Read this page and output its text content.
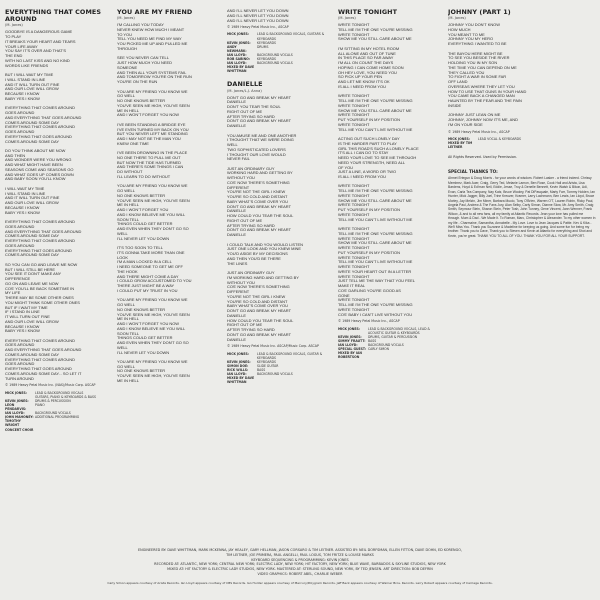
EVERYTHING THAT COMES AROUND
(M. Jones)
GOODBYE IS A DANGEROUS GAME
TO PLAY
IT BREAKS YOUR HEART AND TEARS
YOUR LIFE AWAY
YOU SAY IT'S OVER AND THAT'S
THE END
WITH NO LAST KISS AND NO KIND
WORDS LIKE FRIENDS
BUT I WILL WAIT MY TIME
I WILL STAND IN LINE
AND IT WILL TURN OUT FINE
AND OUR LOVE WILL GROW
BECAUSE I KNOW
BABY YES I KNOW
EVERYTHING THAT COMES AROUND
GOES AROUND
AND EVERYTHING THAT GOES AROUND
COMES AROUND SOME DAY
EVERYTHING THAT COMES AROUND
GOES AROUND
EVERYTHING THAT GOES AROUND
COMES AROUND SOME DAY
DO YOU THINK ABOUT ME NOW
AND THEN
AND WONDER WERE YOU WRONG
AND WHAT MIGHT HAVE BEEN
SEASONS COME AND SEASONS GO
AND WHAT GOES UP COMES DOWN
AND BABY SOON YOU'LL KNOW
I WILL WAIT MY TIME
I WILL STAND IN LINE
AND IT WILL TURN OUT FINE
AND OUR LOVE WILL GROW
BECAUSE I KNOW
BABY YES I KNOW
EVERYTHING THAT COMES AROUND
GOES AROUND
AND EVERYTHING THAT GOES AROUND
COMES AROUND SOME DAY
EVERYTHING THAT COMES AROUND
GOES AROUND
EVERYTHING THAT GOES AROUND
COMES AROUND SOME DAY
SO YOU CAN GO AND LEAVE ME NOW
BUT I WILL STILL BE HERE
YOU SEE IT DON'T MAKE ANY
DIFFERENCE
GO ON AND LEAVE ME NOW
COS' YOU'LL BE BACK SOMETIME IN
MY LIFE
THERE MAY BE SOME OTHER ONES
YOU MIGHT THINK SOME OTHER ONES
BUT IF I WAIT MY TIME
IF I STAND IN LINE
IT WILL TURN OUT FINE
AND OUR LOVE WILL GROW
BECAUSE I KNOW
BABY YES I KNOW
EVERYTHING THAT COMES AROUND
GOES AROUND
AND EVERYTHING THAT GOES AROUND
COMES AROUND SOME DAY
EVERYTHING THAT COMES AROUND
GOES AROUND
EVERYTHING THAT GOES AROUND
COMES AROUND SOME DAY... SO LET IT
TURN AROUND
© 1989 Heavy Petal Music Inc. (NAS)/Music Corp. ASCAP
MICK JONES:	LEAD & BACKGROUND VOCALS
GUITARS, PIANO & KEYBOARDS & BASS
KEVIN JONES:	DRUMS & PERCUSSION
LEON PENDARVIS:
PIANO
IAN LLOYD:	BACKGROUND VOCALS
JOHN MAHONEY: ADDITIONAL PROGRAMMING
TIMOTHY WRIGHT CONCERT CHOIR
YOU ARE MY FRIEND
(M. Jones)
I'M CALLING YOU TODAY
NEVER KNEW HOW MUCH I MEANT
TO YOU
TELL YOU NEED ME FIND MY WAY
YOU PICKED ME UP AND PULLED ME
THROUGH
SEE YOU NEVER CAN TELL
JUST HOW MUCH YOU NEED
SOMEONE
AND THEN ALL YOUR SYSTEMS FAIL
AND TOMORROW YOU'RE ON THE RUN
YOU'RE ON THE RUN
YOU ARE MY FRIEND YOU KNOW WE
GO WELL
NO ONE KNOWS BETTER
YOU'VE SEEN ME HIGH, YOU'VE SEEN
ME IN HELL
AND I WON'T FORGET YOU NOW
I'VE BEEN STANDING A BRIDGE EYE
I'VE EVEN TURNED MY BACK ON YOU
BUT YOU NEVER LEFT ME STANDING
AND I MAY NOT BE THE MAN YOU
KNEW ONE TIME
I'VE BEEN DROWNING IN THE PLACE
NO ONE THERE TO PULL ME OUT
BUT NOW THE TIDE HAS TURNED
AND THERE'S SOME THINGS I CAN
DO WITHOUT
I'LL LEARN TO DO WITHOUT
YOU ARE MY FRIEND YOU KNOW WE
GO WELL
NO ONE KNOWS BETTER
YOU'VE SEEN ME HIGH, YOU'VE SEEN
ME IN HELL
AND I WON'T FORGET YOU
AND I KNOW BELIEVE ME YOU WILL
SOON TELL
THINGS COULD GET BETTER
AND EVEN WHEN THEY DON'T GO SO
WELL
I'LL NEVER LET YOU DOWN
IT'S TOO SOON TO TELL
IT'S GONNA TAKE MORE THAN ONE
LOOK
I'M A MAN LOCKED IN A CELL
I NEED SOMEONE TO GET ME OFF
THE HOOK
AND THERE MIGHT COME A DAY
I COULD GROW ACCUSTOMED TO YOU
THERE JUST MIGHT BE A WAY
I COULD PUT MY TRUST IN YOU
YOU ARE MY FRIEND YOU KNOW WE
GO WELL
NO ONE KNOWS BETTER
YOU'VE SEEN ME HIGH, YOU'VE SEEN
ME IN HELL
AND I WON'T FORGET YOU NOW
AND I KNOW BELIEVE ME YOU WILL
SOON TELL
THINGS COULD GET BETTER
AND EVEN WHEN THEY DON'T GO SO
WELL
I'LL NEVER LET YOU DOWN
YOU ARE MY FRIEND YOU KNOW WE
GO WELL
NO ONE KNOWS BETTER
YOU'VE SEEN ME HIGH, YOU'VE SEEN
ME IN HELL
AND I'LL NEVER LET YOU DOWN
AND I'LL NEVER LET YOU DOWN
AND I'LL NEVER LET YOU DOWN
© 1989 Heavy Petal Music Inc., ASCAP
MICK JONES:	LEAD & BACKGROUND VOCALS, GUITARS & KEYBOARDS
KEVIN JONES:	KEYBOARDS
ANDY NEWMARK:
DRUMS
IAN LLOYD:	BACKGROUND VOCALS
ROB SABINO:	KEYBOARDS
IAN LLOYD:	BACKGROUND VOCALS
MIXED BY DAVE WHITTMAN
DANIELLE
(M. Jones/L.J. Anna)
DON'T GO AND BREAK MY HEART
DANIELLE
DON'T YOU TEAR THE SOUL
RIGHT OUT OF ME
AFTER TRYING SO HARD
DON'T GO AND BREAK MY HEART
DANIELLE
YOU AMUSE ME AND ONE ANOTHER
I THOUGHT THAT WE WERE DOING
WELL
TWO SOPHISTICATED LOVERS
I THOUGHT OUR LOVE WOULD
NEVER FAIL
JUST AN ORDINARY GUY
WORKING HARD AND GETTING BY
WITHOUT YOU
COS' NOW THERE'S SOMETHING
DIFFERENT
YOU'RE NOT THE GIRL I KNEW
YOU'RE SO COLD AND DISTANT
BABY WHAT'S COME OVER YOU
DON'T GO AND BREAK MY HEART
DANIELLE
HOW COULD YOU TEAR THE SOUL
RIGHT OUT OF ME
AFTER TRYING SO HARD
DON'T GO AND BREAK MY HEART
DANIELLE
I COULD TALK AND YOU WOULD LISTEN
JUST ONE LOOK AND YOU KNEW MINE
YOU'D ASIDE BY MY DECISIONS
AND THEN YOU'D BE THERE
THE LINES
JUST AN ORDINARY GUY
I'M WORKING HARD AND GETTING BY
WITHOUT YOU
COS' NOW THERE'S SOMETHING
DIFFERENT
YOU'RE NOT THE GIRL I KNEW
YOU'RE SO COLD AND DISTANT
BABY WHAT'S COME OVER YOU
DON'T GO AND BREAK MY HEART
DANIELLE
HOW COULD YOU TEAR THE SOUL
RIGHT OUT OF ME
AFTER TRYING SO HARD
DON'T GO AND BREAK MY HEART
DANIELLE
© 1989 Heavy Petal Music Inc. ASCAP/Music Corp. ASCAP
MICK JONES:	LEAD & BACKGROUND VOCALS, GUITAR & KEYBOARDS
KEVIN JONES:	KEYBOARDS
SIMON DOE:	SLIDE GUITAR
RICK WILLS:	BASS
IAN LLOYD:	BACKGROUND VOCALS
MIXED BY DAVE WHITTMAN
WRITE TONIGHT
(M. Jones)
WRITE TONIGHT
TELL ME I'M THE ONE YOU'RE MISSING
WRITE TONIGHT
SHOW ME YOU STILL CARE ABOUT ME
I'M SITTING IN MY HOTEL ROOM
ALL ALONE AND OUT OF TUNE
IN THIS PLACE SO FAR AWAY
I'M ALL ON COUNT THE DAYS
HOPING I CAN COME HOME SOON
OH HEY LOVE, YOU NEED YOU
SO PICK UP YOUR PEN
AND LET ME KNOW IT'S OK
IS ALL I NEED FROM YOU
WRITE TONIGHT
TELL ME I'M THE ONE YOU'RE MISSING
WRITE TONIGHT
SHOW ME YOU STILL CARE ABOUT ME
WRITE TONIGHT
PUT YOURSELF IN MY POSITION
WRITE TONIGHT
TELL ME YOU CAN'T LIVE WITHOUT ME
ACTING OUT SUCH LONELY DAY
IS THE HARDER PART TO PLAY
GIRL THIS ROAD'S SUCH A LONELY PLACE
IT'S ALL I CAN DO TO STAY
NEED YOUR LOVE TO SEE ME THROUGH
NEED YOUR STRENGTH, NEED ALL
OF YOU
JUST A LINE, A WORD OR TWO
IS ALL I NEED FROM YOU
WRITE TONIGHT
TELL ME I'M THE ONE YOU'RE MISSING
WRITE TONIGHT
SHOW ME YOU STILL CARE ABOUT ME
WRITE TONIGHT
PUT YOURSELF IN MY POSITION
WRITE TONIGHT
TELL ME YOU CAN'T LIVE WITHOUT ME
WRITE TONIGHT
TELL ME I'M THE ONE YOU'RE MISSING
WRITE TONIGHT
SHOW ME YOU STILL CARE ABOUT ME
WRITE TONIGHT
PUT YOURSELF IN MY POSITION
WRITE TONIGHT
TELL ME YOU CAN'T LIVE WITHOUT ME
WRITE TONIGHT
WRITE YOUR HEART OUT IN A LETTER
WRITE TONIGHT
JUST TELL ME THE WAY THAT YOU FEEL
MAKE IT REAL
COS' DARLING YOU'RE GOOD AS
GONE
WRITE TONIGHT
TELL ME I'M THE ONE YOU'RE MISSING
WRITE TONIGHT
COS' BABY I CAN'T LIVE WITHOUT YOU
© 1989 Heavy Petal Music Inc., ASCAP
MICK JONES:	LEAD & BACKGROUND VOCALS, LEAD & ACOUSTIC GUITAR & KEYBOARDS
KEVIN JONES:	DRUMS, GUITAR & PERCUSSION
SIMMY FRAUTT: BASS
IAN LLOYD:	BACKGROUND VOCALS
SPECIAL GUEST: CARLY SIMON
MIXED BY IAN ROBERTSON
JOHNNY (PART 1)
(M. Jones)
JOHNNY YOU DON'T KNOW
HOW MUCH
YOU MEANT TO ME
JOHNNY YOU MY HERO
EVERYTHING I WANTED TO BE
THE BAYOU HERE MIGHT BE
TO SEE YOU BESIDE THE RIVER
HOLDING YOU IN MY SON
THE TIME YOU CAN DEPEND ON ME
THEY CALLED YOU
TO FIGHT A WAR IN SOME FAR
OFF LAND
OVERSEAS WHERE THEY LET YOU
HOW TO USE THAT GUNS IN YOUR HAND
YOU CAME BACK A CHANGED MAN
HAUNTED BY THE FEAR AND THE PAIN
INSIDE
JOHNNY JUST LEAN ON ME
JOHNNY, JOHNNY NOW IT'S ME, AND
I'M ON YOUR SIDE
© 1989 Heavy Petal Music Inc., ASCAP
MICK JONES:	LEAD VOCAL & KEYBOARDS
MIXED BY TIM LEITNER
All Rights Reserved. Used by Permission.
SPECIAL THANKS TO:
Ahmet Ertegun & Doug Morris - for your words of wisdom. Robert Lasker - a friend indeed. Chrissy Membrez, Mark Auer, Craig, Gerry Ted, Melanie Lamon, Ben Rose, Cook Hall and Arista, Lisa Bardens, Hoyd & Ed'man Neil, Eddie, Jesse, Troy & Denelle Bennett, Kevin Walsh & Bikon, Adi, Evan, Carla Tea Company, Nay Katz, Bruce Wooley, Pat DiPasquale, Marty Farr, Tommy Holden, Ian Hunter, Mick Jagger, Billy Joel, Trine Kreuzer, Kramer, Larry Lachmann, Ben Lewis, Ian Lloyd, Bruce Morley, Jay Melzin, Jim Miner, Barbara Muoio, Tony O'Brien, Warren O'T, Lauren Robin, Ricky Paul, Angela Paul, Andrew & The Fans Jury, Alan Selby, Carly Simon, Dianne Slow, Mr. Amy Smith, Craig Smith, Seymour Stein, Sharon Stein, Peter Tosh, John Tunney, Gene Vincent, Jann Wenner, Frank Wilcox, & and to all new fans, all my family at Atlantic Records. Jean your love has pulled me through. Mum & Dad - We Made It. To Roman, Marc, Christopher & Alexander. To my other women in my life - Charmaine, Samantha, Annabelle - My Love. Love to Jean Jacques & Pattie. Kev & Kika - We'll Miss You. Thank you Suzanne & Madeline for keeping us going. And some fun for being my brother. Thank you to Dave, Thank you to Steven and Kevin at Atlantic for everything and Shot and Kevin, you're great. THANK YOU TO ALL OF YOU. THANK YOU FOR ALL YOUR SUPPORT.
ENGINEERED BY: DAVE WHITTMAN, MARK MCKENNA, JAY HEALEY, GARY HELLMAN, JASON CORSARO & TIM LEITNER. ASSISTED BY: NEIL DORFSMAN, ELLEN FITTON, DAVE DOHN, ED KORENGO,
TIM LEITNER, JOE PRIMERA, PAUL ANGELLI, PAUL LOGUS, TOM FRITZE & LOUISE MARKS
KEYBOARD SEQUENCING & PROGRAMMING: KEVIN JONES
RECORDED AT: ATLANTIC, NEW YORK; CENTRAL NEW YORK; ELECTRIC LADY, NEW YORK; HIT FACTORY, NEW YORK; BLUE WAVE, BARBADOS & SKYLINE STUDIOS, NEW YORK
MIXED AT: HIT FACTORY & ELECTRIC LADY STUDIOS, NEW YORK. MASTERED AT: STERLING SOUND, NEW YORK, BY TED JENSEN. ART DIRECTION: BOB DEFRIN
VIDEO GRAPHICS: ROBERT ABEL, CHARLIE WEBER
Carly Simon appears courtesy of Arista Records. Ian Lloyd appears courtesy of CBS Records. Ian Hunter appears courtesy of Mercury/Polygram Records. Jeff Beck appears courtesy of Warner Bros. Records. Larry Robert appears courtesy of Carriage Records.
